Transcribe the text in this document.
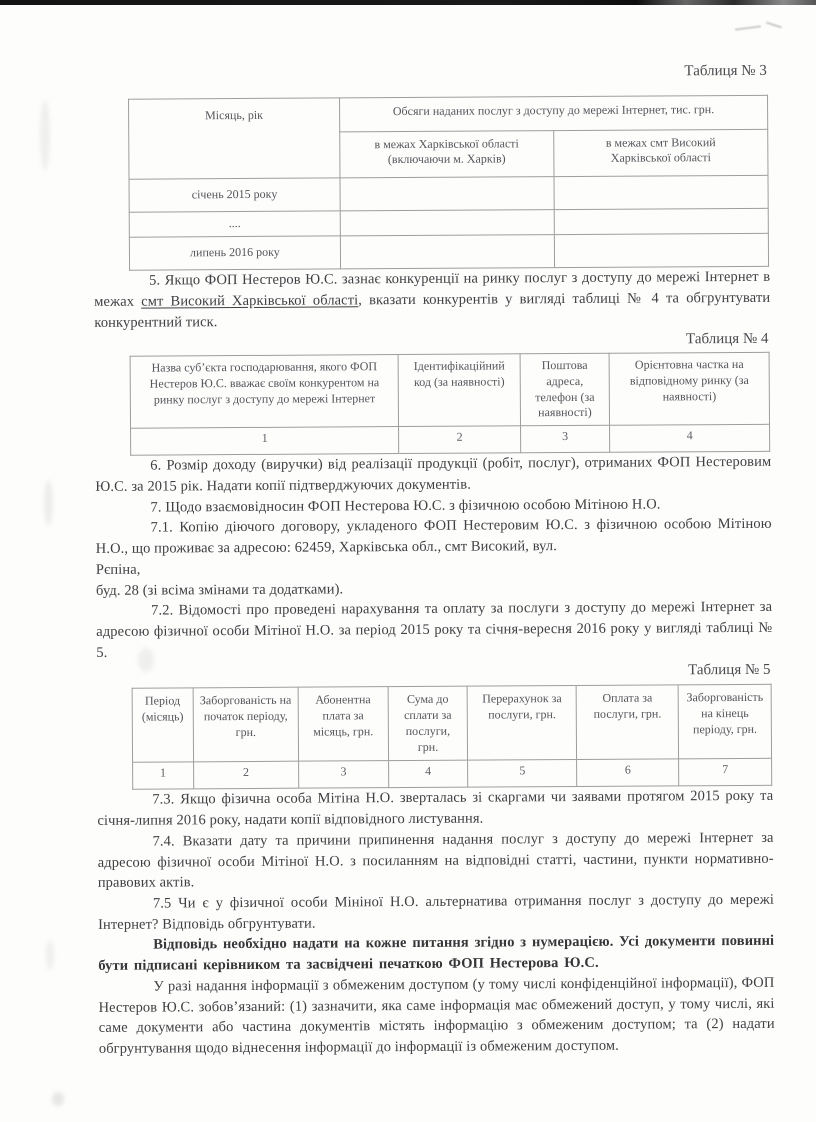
Таблиця № 3
Місяць, рік	Обсяги наданих послуг з доступу до мережі Інтернет, тис. грн.	
	в межах Харківської області (включаючи м. Харків)	в межах смт Високий Харківської області
січень 2015 року		
....		
липень 2016 року		

5. Якщо ФОП Нестеров Ю.С. зазнає конкуренції на ринку послуг з доступу до мережі Інтернет в межах смт Високий Харківської області, вказати конкурентів у вигляді таблиці № 4 та обгрунтувати конкурентний тиск.

Таблиця № 4
Назва суб’єкта господарювання, якого ФОП Нестеров Ю.С. вважає своїм конкурентом на ринку послуг з доступу до мережі Інтернет	Ідентифікаційний код (за наявності)	Поштова адреса, телефон (за наявності)	Орієнтовна частка на відповідному ринку (за наявності)
1	2	3	4

6. Розмір доходу (виручки) від реалізації продукції (робіт, послуг), отриманих ФОП Нестеровим Ю.С. за 2015 рік. Надати копії підтверджуючих документів.

7. Щодо взаємовідносин ФОП Нестерова Ю.С. з фізичною особою Мітіною Н.О.

7.1. Копію діючого договору, укладеного ФОП Нестеровим Ю.С. з фізичною особою Мітіною Н.О., що проживає за адресою: 62459, Харківська обл., смт Високий, вул.
Рєпіна,
буд. 28 (зі всіма змінами та додатками).

7.2. Відомості про проведені нарахування та оплату за послуги з доступу до мережі Інтернет за адресою фізичної особи Мітіної Н.О. за період 2015 року та січня-вересня 2016 року у вигляді таблиці № 5.

Таблиця № 5
Період (місяць)	Заборгованість на початок періоду, грн.	Абонентна плата за місяць, грн.	Сума до сплати за послуги, грн.	Перерахунок за послуги, грн.	Оплата за послуги, грн.	Заборгованість на кінець періоду, грн.
1	2	3	4	5	6	7

7.3. Якщо фізична особа Мітіна Н.О. зверталась зі скаргами чи заявами протягом 2015 року та січня-липня 2016 року, надати копії відповідного листування.

7.4. Вказати дату та причини припинення надання послуг з доступу до мережі Інтернет за адресою фізичної особи Мітіної Н.О. з посиланням на відповідні статті, частини, пункти нормативно-правових актів.

7.5 Чи є у фізичної особи Мініної Н.О. альтернатива отримання послуг з доступу до мережі Інтернет? Відповідь обгрунтувати.

Відповідь необхідно надати на кожне питання згідно з нумерацією. Усі документи повинні бути підписані керівником та засвідчені печаткою ФОП Нестерова Ю.С.

У разі надання інформації з обмеженим доступом (у тому числі конфіденційної інформації), ФОП Нестеров Ю.С. зобов’язаний: (1) зазначити, яка саме інформація має обмежений доступ, у тому числі, які саме документи або частина документів містять інформацію з обмеженим доступом; та (2) надати обгрунтування щодо віднесення інформації до інформації із обмеженим доступом.
